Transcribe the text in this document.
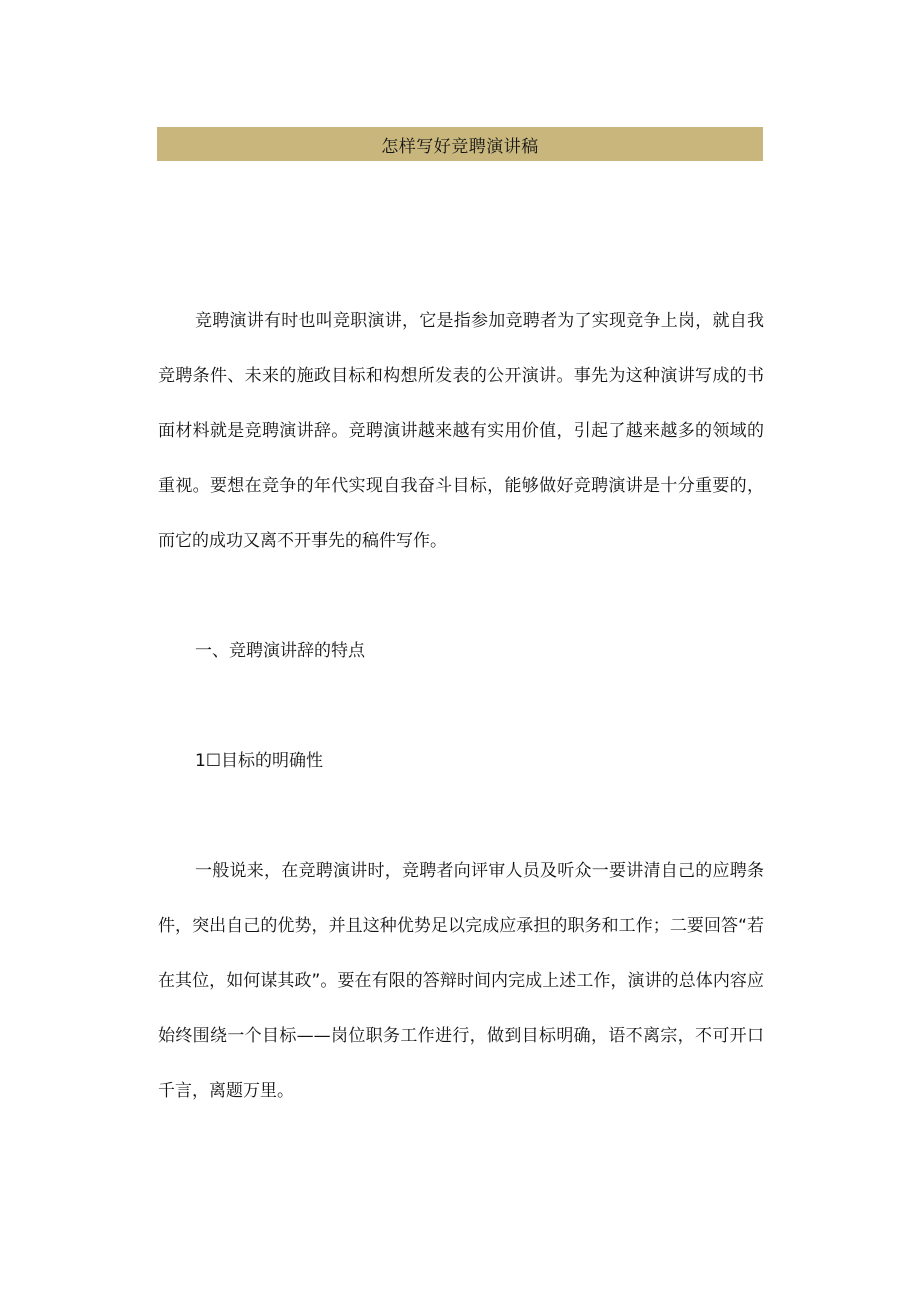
怎样写好竞聘演讲稿

竞聘演讲有时也叫竞职演讲，它是指参加竞聘者为了实现竞争上岗，就自我竞聘条件、未来的施政目标和构想所发表的公开演讲。事先为这种演讲写成的书面材料就是竞聘演讲辞。竞聘演讲越来越有实用价值，引起了越来越多的领域的重视。要想在竞争的年代实现自我奋斗目标，能够做好竞聘演讲是十分重要的，而它的成功又离不开事先的稿件写作。

一、竞聘演讲辞的特点

1☐目标的明确性

一般说来，在竞聘演讲时，竞聘者向评审人员及听众一要讲清自己的应聘条件，突出自己的优势，并且这种优势足以完成应承担的职务和工作；二要回答“若在其位，如何谋其政”。要在有限的答辩时间内完成上述工作，演讲的总体内容应始终围绕一个目标——岗位职务工作进行，做到目标明确，语不离宗，不可开口千言，离题万里。
